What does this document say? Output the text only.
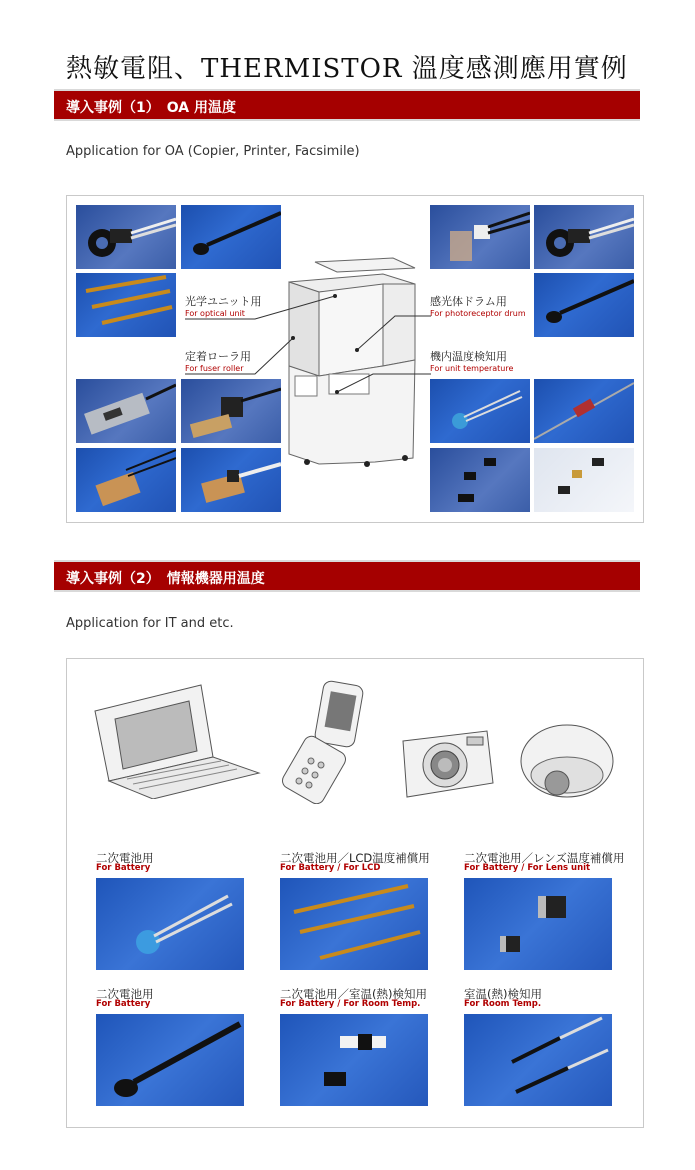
熱敏電阻、THERMISTOR 溫度感測應用實例
導入事例（1）　OA 用温度
Application for OA (Copier, Printer, Facsimile)
光学ユニット用
For optical unit
定着ローラ用
For fuser roller
感光体ドラム用
For photoreceptor drum
機内温度検知用
For unit temperature
導入事例（2）　情報機器用温度
Application for IT and etc.
二次電池用
For Battery
二次電池用／LCD温度補償用
For Battery / For LCD
二次電池用／レンズ温度補償用
For Battery / For Lens unit
二次電池用
For Battery
二次電池用／室温(熱)検知用
For Battery / For Room Temp.
室温(熱)検知用
For Room Temp.
